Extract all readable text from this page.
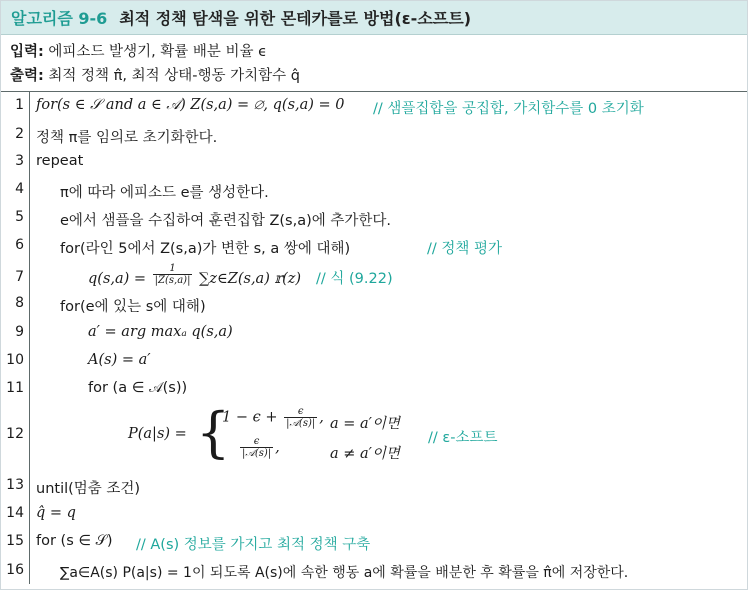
알고리즘 9-6 최적 정책 탐색을 위한 몬테카를로 방법(ε-소프트)
입력: 에피소드 발생기, 확률 배분 비율 ϵ
출력: 최적 정책 π̂, 최적 상태-행동 가치함수 q̂
1 for(s ∈ 𝒮 and a ∈ 𝒜) Z(s,a) = ∅, q(s,a) = 0 // 샘플집합을 공집합, 가치함수를 0 초기화
2 정책 π를 임의로 초기화한다.
3 repeat
4 π에 따라 에피소드 e를 생성한다.
5 e에서 샘플을 수집하여 훈련집합 Z(s,a)에 추가한다.
6 for(라인 5에서 Z(s,a)가 변한 s, a 쌍에 대해)	// 정책 평가
7	$q(s,a) = \frac{1}{|Z(s,a)|}$ ∑z∈Z(s,a) 𝕣(z) // 식 (9.22)
8 for(e에 있는 s에 대해)
9	a′ = arg maxₐ q(s,a)
10	A(s) = a′
11	for (a ∈ 𝒜(s))
12	P(a|s) = {
$1 - \epsilon + \frac{\epsilon}{\text{|𝒜(s)|}}$ ,
$\frac{\epsilon}{\text{|𝒜(s)|}}$ ,
a = a′이면
a ≠ a′이면
// ε-소프트
13 until(멈춤 조건)
14 q̂ = q
15 for (s ∈ 𝒮) // A(s) 정보를 가지고 최적 정책 구축
16	∑a∈A(s) P(a|s) = 1이 되도록 A(s)에 속한 행동 a에 확률을 배분한 후 확률을 π̂에 저장한다.
